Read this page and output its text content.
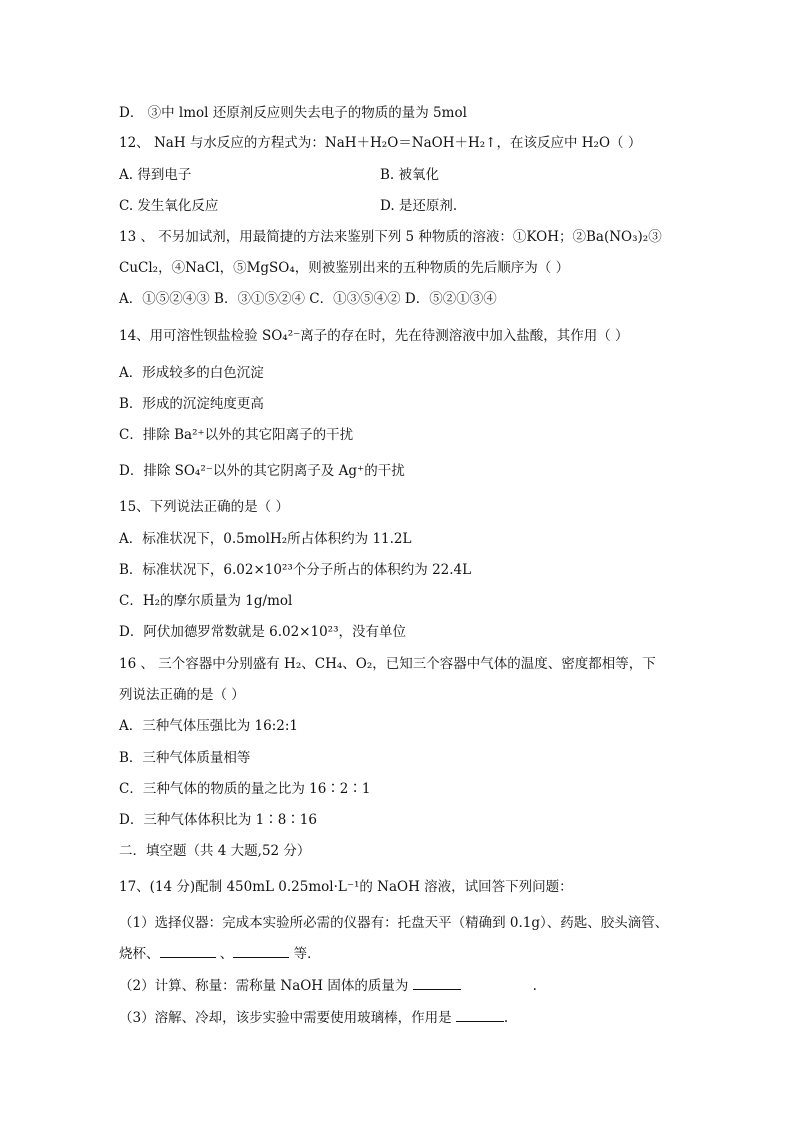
D． ③中 lmol 还原剂反应则失去电子的物质的量为 5mol
12、 NaH 与水反应的方程式为：NaH＋H₂O＝NaOH＋H₂↑，在该反应中 H₂O（ ）
A. 得到电子	B. 被氧化
C. 发生氧化反应	D. 是还原剂.
13 、 不另加试剂，用最简捷的方法来鉴别下列 5 种物质的溶液：①KOH；②Ba(NO₃)₂③
CuCl₂，④NaCl，⑤MgSO₄，则被鉴别出来的五种物质的先后顺序为（ ）
A．①⑤②④③ B．③①⑤②④ C．①③⑤④② D．⑤②①③④
14、用可溶性钡盐检验 SO₄²⁻离子的存在时，先在待测溶液中加入盐酸，其作用（ ）
A．形成较多的白色沉淀
B．形成的沉淀纯度更高
C．排除 Ba²⁺以外的其它阳离子的干扰
D．排除 SO₄²⁻以外的其它阴离子及 Ag⁺的干扰
15、下列说法正确的是（ ）
A．标准状况下，0.5molH₂所占体积约为 11.2L
B．标准状况下，6.02×10²³个分子所占的体积约为 22.4L
C．H₂的摩尔质量为 1g/mol
D．阿伏加德罗常数就是 6.02×10²³，没有单位
16 、 三个容器中分别盛有 H₂、CH₄、O₂，已知三个容器中气体的温度、密度都相等，下
列说法正确的是（ ）
A．三种气体压强比为 16:2:1
B．三种气体质量相等
C．三种气体的物质的量之比为 16∶2∶1
D．三种气体体积比为 1∶8∶16
二．填空题（共 4 大题,52 分）
17、(14 分)配制 450mL 0.25mol·L⁻¹的 NaOH 溶液，试回答下列问题：
（1）选择仪器：完成本实验所必需的仪器有：托盘天平（精确到 0.1g）、药匙、胶头滴管、
烧杯、	、	等．
（2）计算、称量：需称量 NaOH 固体的质量为	.
（3）溶解、冷却，该步实验中需要使用玻璃棒，作用是	.
